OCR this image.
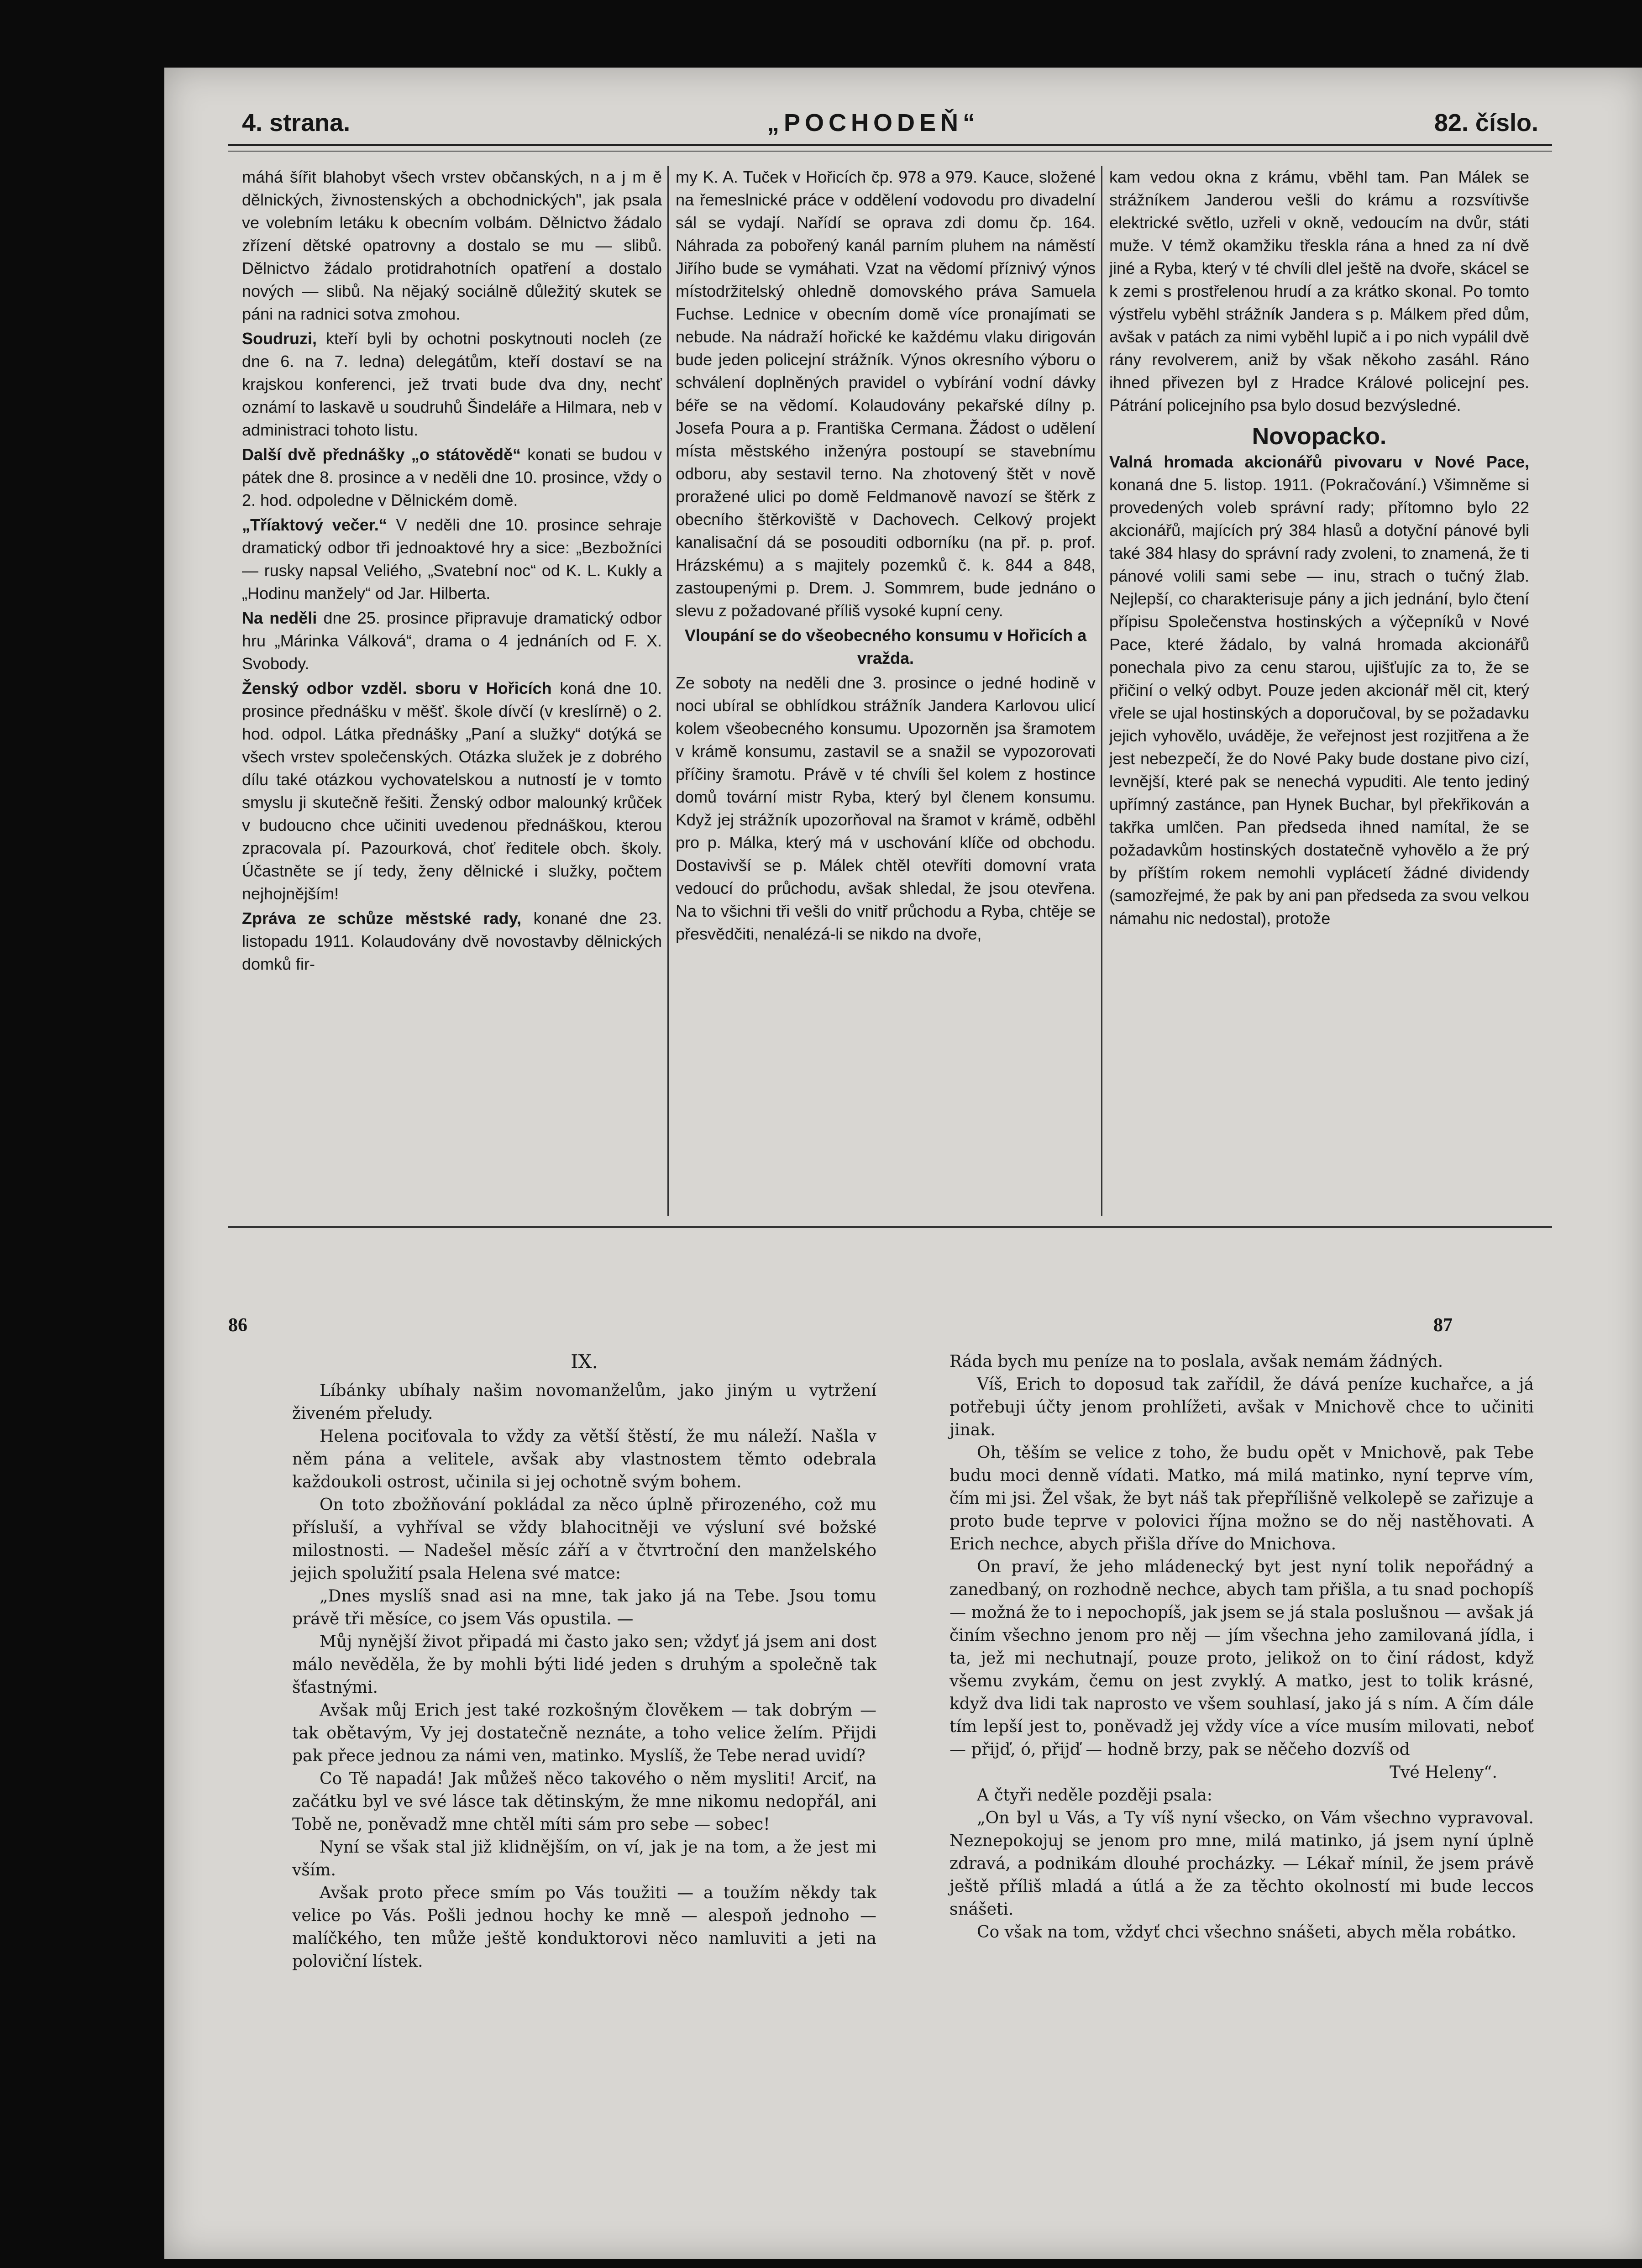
4. strana.	„POCHODEŇ“	82. číslo.

máhá šířit blahobyt všech vrstev občanských, n a j m ě dělnických, živnostenských a obchodnických", jak psala ve volebním letáku k obecním volbám. Dělnictvo žádalo zřízení dětské opatrovny a dostalo se mu — slibů. Dělnictvo žádalo protidrahotních opatření a dostalo nových — slibů. Na nějaký sociálně důležitý skutek se páni na radnici sotva zmohou.

Soudruzi, kteří byli by ochotni poskytnouti nocleh (ze dne 6. na 7. ledna) delegátům, kteří dostaví se na krajskou konferenci, jež trvati bude dva dny, nechť oznámí to laskavě u soudruhů Šindeláře a Hilmara, neb v administraci tohoto listu.

Další dvě přednášky „o státovědě“ konati se budou v pátek dne 8. prosince a v neděli dne 10. prosince, vždy o 2. hod. odpoledne v Dělnickém domě.

„Tříaktový večer.“ V neděli dne 10. prosince sehraje dramatický odbor tři jednoaktové hry a sice: „Bezbožníci — rusky napsal Veliého, „Svatební noc“ od K. L. Kukly a „Hodinu manžely“ od Jar. Hilberta.

Na neděli dne 25. prosince připravuje dramatický odbor hru „Márinka Válková“, drama o 4 jednáních od F. X. Svobody.

Ženský odbor vzděl. sboru v Hořicích koná dne 10. prosince přednášku v měšť. škole dívčí (v kreslírně) o 2. hod. odpol. Látka přednášky „Paní a služky“ dotýká se všech vrstev společenských. Otázka služek je z dobrého dílu také otázkou vychovatelskou a nutností je v tomto smyslu ji skutečně řešiti. Ženský odbor malounký krůček v budoucno chce učiniti uvedenou přednáškou, kterou zpracovala pí. Pazourková, choť ředitele obch. školy. Účastněte se jí tedy, ženy dělnické i služky, počtem nejhojnějším!

Zpráva ze schůze městské rady, konané dne 23. listopadu 1911. Kolaudovány dvě novostavby dělnických domků fir-

my K. A. Tuček v Hořicích čp. 978 a 979. Kauce, složené na řemeslnické práce v oddělení vodovodu pro divadelní sál se vydají. Nařídí se oprava zdi domu čp. 164. Náhrada za pobořený kanál parním pluhem na náměstí Jiřího bude se vymáhati. Vzat na vědomí příznivý výnos místodržitelský ohledně domovského práva Samuela Fuchse. Lednice v obecním domě více pronajímati se nebude. Na nádraží hořické ke každému vlaku dirigován bude jeden policejní strážník. Výnos okresního výboru o schválení doplněných pravidel o vybírání vodní dávky béře se na vědomí. Kolaudovány pekařské dílny p. Josefa Poura a p. Františka Cermana. Žádost o udělení místa městského inženýra postoupí se stavebnímu odboru, aby sestavil terno. Na zhotovený štět v nově proražené ulici po domě Feldmanově navozí se štěrk z obecního štěrkoviště v Dachovech. Celkový projekt kanalisační dá se posouditi odborníku (na př. p. prof. Hrázskému) a s majitely pozemků č. k. 844 a 848, zastoupenými p. Drem. J. Sommrem, bude jednáno o slevu z požadované příliš vysoké kupní ceny.

Vloupání se do všeobecného konsumu v Hořicích a vražda.

Ze soboty na neděli dne 3. prosince o jedné hodině v noci ubíral se obhlídkou strážník Jandera Karlovou ulicí kolem všeobecného konsumu. Upozorněn jsa šramotem v krámě konsumu, zastavil se a snažil se vypozorovati příčiny šramotu. Právě v té chvíli šel kolem z hostince domů tovární mistr Ryba, který byl členem konsumu. Když jej strážník upozorňoval na šramot v krámě, odběhl pro p. Málka, který má v uschování klíče od obchodu. Dostavivší se p. Málek chtěl otevříti domovní vrata vedoucí do průchodu, avšak shledal, že jsou otevřena. Na to všichni tři vešli do vnitř průchodu a Ryba, chtěje se přesvědčiti, nenalézá-li se nikdo na dvoře,

kam vedou okna z krámu, vběhl tam. Pan Málek se strážníkem Janderou vešli do krámu a rozsvítivše elektrické světlo, uzřeli v okně, vedoucím na dvůr, státi muže. V témž okamžiku třeskla rána a hned za ní dvě jiné a Ryba, který v té chvíli dlel ještě na dvoře, skácel se k zemi s prostřelenou hrudí a za krátko skonal. Po tomto výstřelu vyběhl strážník Jandera s p. Málkem před dům, avšak v patách za nimi vyběhl lupič a i po nich vypálil dvě rány revolverem, aniž by však někoho zasáhl. Ráno ihned přivezen byl z Hradce Králové policejní pes. Pátrání policejního psa bylo dosud bezvýsledné.

Novopacko.

Valná hromada akcionářů pivovaru v Nové Pace, konaná dne 5. listop. 1911. (Pokračování.) Všimněme si provedených voleb správní rady; přítomno bylo 22 akcionářů, majících prý 384 hlasů a dotyční pánové byli také 384 hlasy do správní rady zvoleni, to znamená, že ti pánové volili sami sebe — inu, strach o tučný žlab. Nejlepší, co charakterisuje pány a jich jednání, bylo čtení přípisu Společenstva hostinských a výčepníků v Nové Pace, které žádalo, by valná hromada akcionářů ponechala pivo za cenu starou, ujišťujíc za to, že se přičiní o velký odbyt. Pouze jeden akcionář měl cit, který vřele se ujal hostinských a doporučoval, by se požadavku jejich vyhovělo, uváděje, že veřejnost jest rozjitřena a že jest nebezpečí, že do Nové Paky bude dostane pivo cizí, levnější, které pak se nenechá vypuditi. Ale tento jediný upřímný zastánce, pan Hynek Buchar, byl překřikován a takřka umlčen. Pan předseda ihned namítal, že se požadavkům hostinských dostatečně vyhovělo a že prý by příštím rokem nemohli vyplácetí žádné dividendy (samozřejmé, že pak by ani pan předseda za svou velkou námahu nic nedostal), protože

86	87
IX.

Líbánky ubíhaly našim novomanželům, jako jiným u vytržení živeném přeludy.

Helena pociťovala to vždy za větší štěstí, že mu náleží. Našla v něm pána a velitele, avšak aby vlastnostem těmto odebrala každoukoli ostrost, učinila si jej ochotně svým bohem.

On toto zbožňování pokládal za něco úplně přirozeného, což mu přísluší, a vyhříval se vždy blahocitněji ve výsluní své božské milostnosti. — Nadešel měsíc září a v čtvrtroční den manželského jejich spolužití psala Helena své matce:

„Dnes myslíš snad asi na mne, tak jako já na Tebe. Jsou tomu právě tři měsíce, co jsem Vás opustila. —

Můj nynější život připadá mi často jako sen; vždyť já jsem ani dost málo nevěděla, že by mohli býti lidé jeden s druhým a společně tak šťastnými.

Avšak můj Erich jest také rozkošným člověkem — tak dobrým — tak obětavým, Vy jej dostatečně neznáte, a toho velice želím. Přijdi pak přece jednou za námi ven, matinko. Myslíš, že Tebe nerad uvidí?

Co Tě napadá! Jak můžeš něco takového o něm mysliti! Arciť, na začátku byl ve své lásce tak dětinským, že mne nikomu nedopřál, ani Tobě ne, poněvadž mne chtěl míti sám pro sebe — sobec!

Nyní se však stal již klidnějším, on ví, jak je na tom, a že jest mi vším.

Avšak proto přece smím po Vás toužiti — a toužím někdy tak velice po Vás. Pošli jednou hochy ke mně — alespoň jednoho — malíčkého, ten může ještě konduktorovi něco namluviti a jeti na poloviční lístek.

Ráda bych mu peníze na to poslala, avšak nemám žádných.

Víš, Erich to doposud tak zařídil, že dává peníze kuchařce, a já potřebuji účty jenom prohlížeti, avšak v Mnichově chce to učiniti jinak.

Oh, těším se velice z toho, že budu opět v Mnichově, pak Tebe budu moci denně vídati. Matko, má milá matinko, nyní teprve vím, čím mi jsi. Žel však, že byt náš tak přepřílišně velkolepě se zařizuje a proto bude teprve v polovici října možno se do něj nastěhovati. A Erich nechce, abych přišla dříve do Mnichova.

On praví, že jeho mládenecký byt jest nyní tolik nepořádný a zanedbaný, on rozhodně nechce, abych tam přišla, a tu snad pochopíš — možná že to i nepochopíš, jak jsem se já stala poslušnou — avšak já činím všechno jenom pro něj — jím všechna jeho zamilovaná jídla, i ta, jež mi nechutnají, pouze proto, jelikož on to činí rádost, když všemu zvykám, čemu on jest zvyklý. A matko, jest to tolik krásné, když dva lidi tak naprosto ve všem souhlasí, jako já s ním. A čím dále tím lepší jest to, poněvadž jej vždy více a více musím milovati, neboť — přijď, ó, přijď — hodně brzy, pak se něčeho dozvíš od

Tvé Heleny“.

A čtyři neděle později psala:

„On byl u Vás, a Ty víš nyní všecko, on Vám všechno vypravoval. Neznepokojuj se jenom pro mne, milá matinko, já jsem nyní úplně zdravá, a podnikám dlouhé procházky. — Lékař mínil, že jsem právě ještě příliš mladá a útlá a že za těchto okolností mi bude leccos snášeti.

Co však na tom, vždyť chci všechno snášeti, abych měla robátko.
